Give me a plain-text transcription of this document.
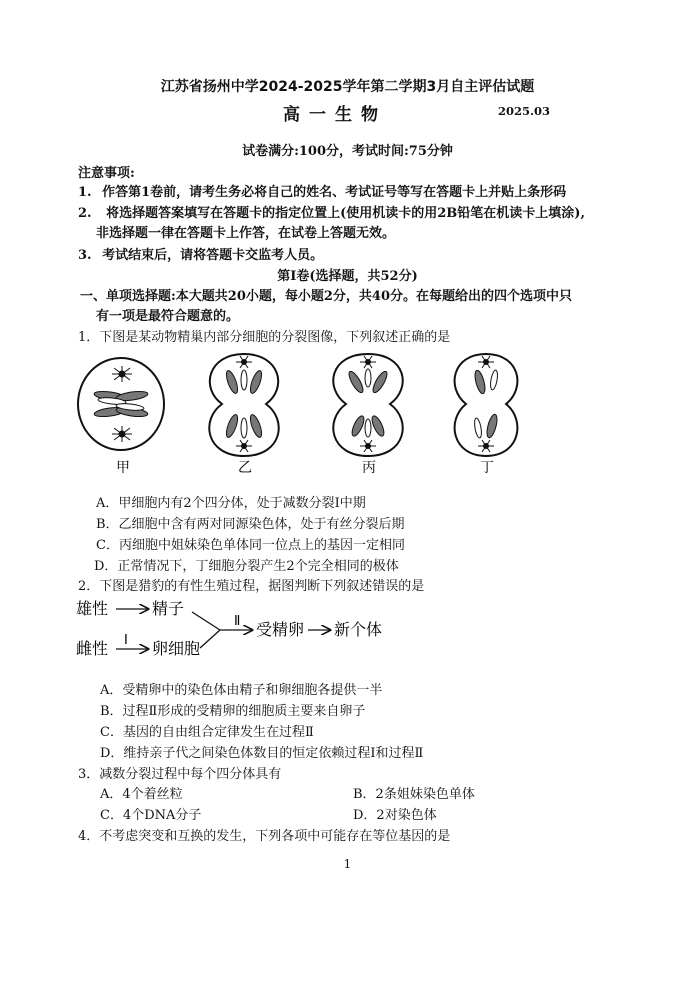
江苏省扬州中学2024-2025学年第二学期3月自主评估试题
高一生物	2025.03
试卷满分:100分，考试时间:75分钟
注意事项:
1. 作答第1卷前，请考生务必将自己的姓名、考试证号等写在答题卡上并贴上条形码
2. 将选择题答案填写在答题卡的指定位置上(使用机读卡的用2B铅笔在机读卡上填涂),
非选择题一律在答题卡上作答，在试卷上答题无效。
3. 考试结束后，请将答题卡交监考人员。
第I卷(选择题，共52分)
一、单项选择题:本大题共20小题，每小题2分，共40分。在每题给出的四个选项中只
有一项是最符合题意的。
1．下图是某动物精巢内部分细胞的分裂图像，下列叙述正确的是
甲	乙	丙	丁
A．甲细胞内有2个四分体，处于减数分裂Ⅰ中期
B．乙细胞中含有两对同源染色体，处于有丝分裂后期
C．丙细胞中姐妹染色单体同一位点上的基因一定相同
D．正常情况下，丁细胞分裂产生2个完全相同的极体
2．下图是猎豹的有性生殖过程，据图判断下列叙述错误的是
雄性	精子
雌性 Ⅰ 卵细胞
Ⅱ 受精卵 新个体
A．受精卵中的染色体由精子和卵细胞各提供一半
B．过程Ⅱ形成的受精卵的细胞质主要来自卵子
C．基因的自由组合定律发生在过程Ⅱ
D．维持亲子代之间染色体数目的恒定依赖过程Ⅰ和过程Ⅱ
3．减数分裂过程中每个四分体具有
A．4个着丝粒	B．2条姐妹染色单体
C．4个DNA分子	D．2对染色体
4．不考虑突变和互换的发生，下列各项中可能存在等位基因的是
1
